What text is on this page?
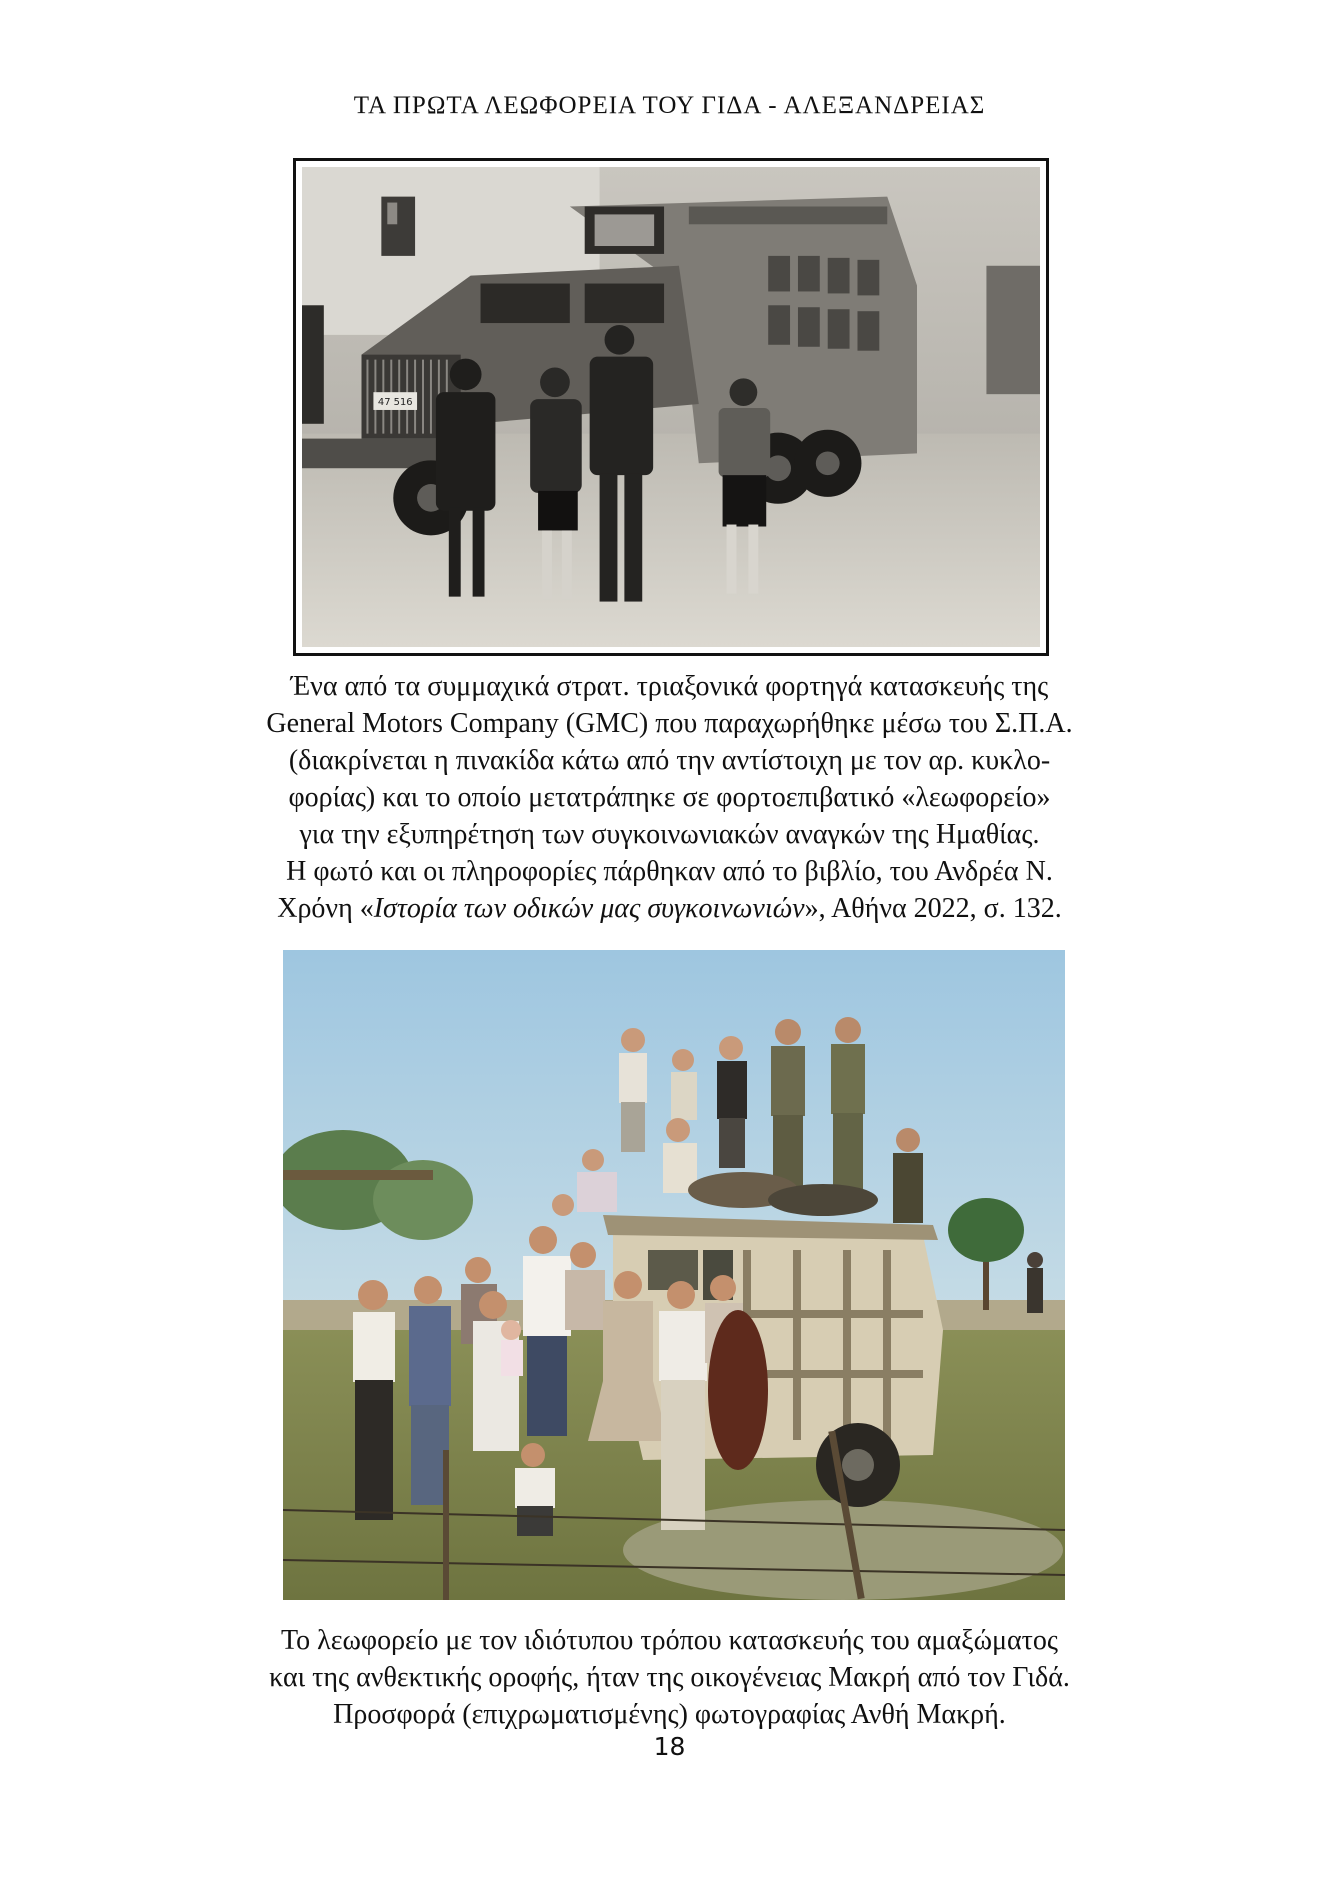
ΤΑ ΠΡΩΤΑ ΛΕΩΦΟΡΕΙΑ ΤΟΥ ΓΙΔΑ - ΑΛΕΞΑΝΔΡΕΙΑΣ
47 516

Ένα από τα συμμαχικά στρατ. τριαξονικά φορτηγά κατασκευής της

General Motors Company (GMC) που παραχωρήθηκε μέσω του Σ.Π.Α.

(διακρίνεται η πινακίδα κάτω από την αντίστοιχη με τον αρ. κυκλο-

φορίας) και το οποίο μετατράπηκε σε φορτοεπιβατικό «λεωφορείο»

για την εξυπηρέτηση των συγκοινωνιακών αναγκών της Ημαθίας.

Η φωτό και οι πληροφορίες πάρθηκαν από το βιβλίο, του Ανδρέα Ν.

Χρόνη «Ιστορία των οδικών μας συγκοινωνιών», Αθήνα 2022, σ. 132.

Το λεωφορείο με τον ιδιότυπου τρόπου κατασκευής του αμαξώματος

και της ανθεκτικής οροφής, ήταν της οικογένειας Μακρή από τον Γιδά.

Προσφορά (επιχρωματισμένης) φωτογραφίας Ανθή Μακρή.

18
